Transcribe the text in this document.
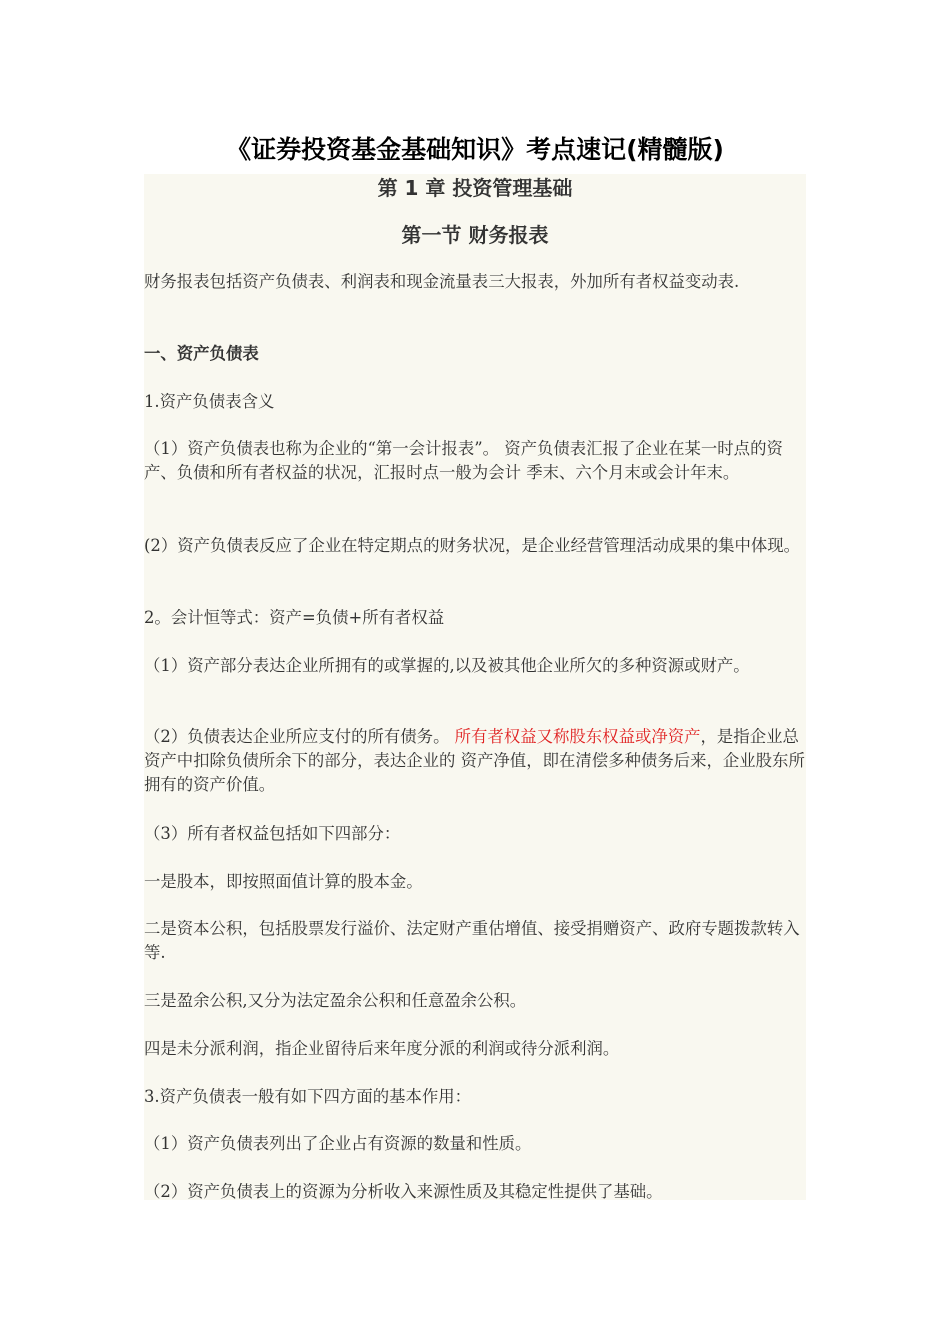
《证券投资基金基础知识》考点速记(精髓版)
第 1 章 投资管理基础
第一节 财务报表

财务报表包括资产负债表、利润表和现金流量表三大报表，外加所有者权益变动表.

一、资产负债表

1.资产负债表含义

（1）资产负债表也称为企业的“第一会计报表”。 资产负债表汇报了企业在某一时点的资产、负债和所有者权益的状况，汇报时点一般为会计 季末、六个月末或会计年末。

(2）资产负债表反应了企业在特定期点的财务状况，是企业经营管理活动成果的集中体现。

2。会计恒等式：资产=负债+所有者权益

（1）资产部分表达企业所拥有的或掌握的,以及被其他企业所欠的多种资源或财产。

（2）负债表达企业所应支付的所有债务。 所有者权益又称股东权益或净资产，是指企业总资产中扣除负债所余下的部分，表达企业的 资产净值，即在清偿多种债务后来，企业股东所拥有的资产价值。

（3）所有者权益包括如下四部分：

一是股本，即按照面值计算的股本金。

二是资本公积，包括股票发行溢价、法定财产重估增值、接受捐赠资产、政府专题拨款转入等.

三是盈余公积,又分为法定盈余公积和任意盈余公积。

四是未分派利润，指企业留待后来年度分派的利润或待分派利润。

3.资产负债表一般有如下四方面的基本作用：

（1）资产负债表列出了企业占有资源的数量和性质。

（2）资产负债表上的资源为分析收入来源性质及其稳定性提供了基础。
